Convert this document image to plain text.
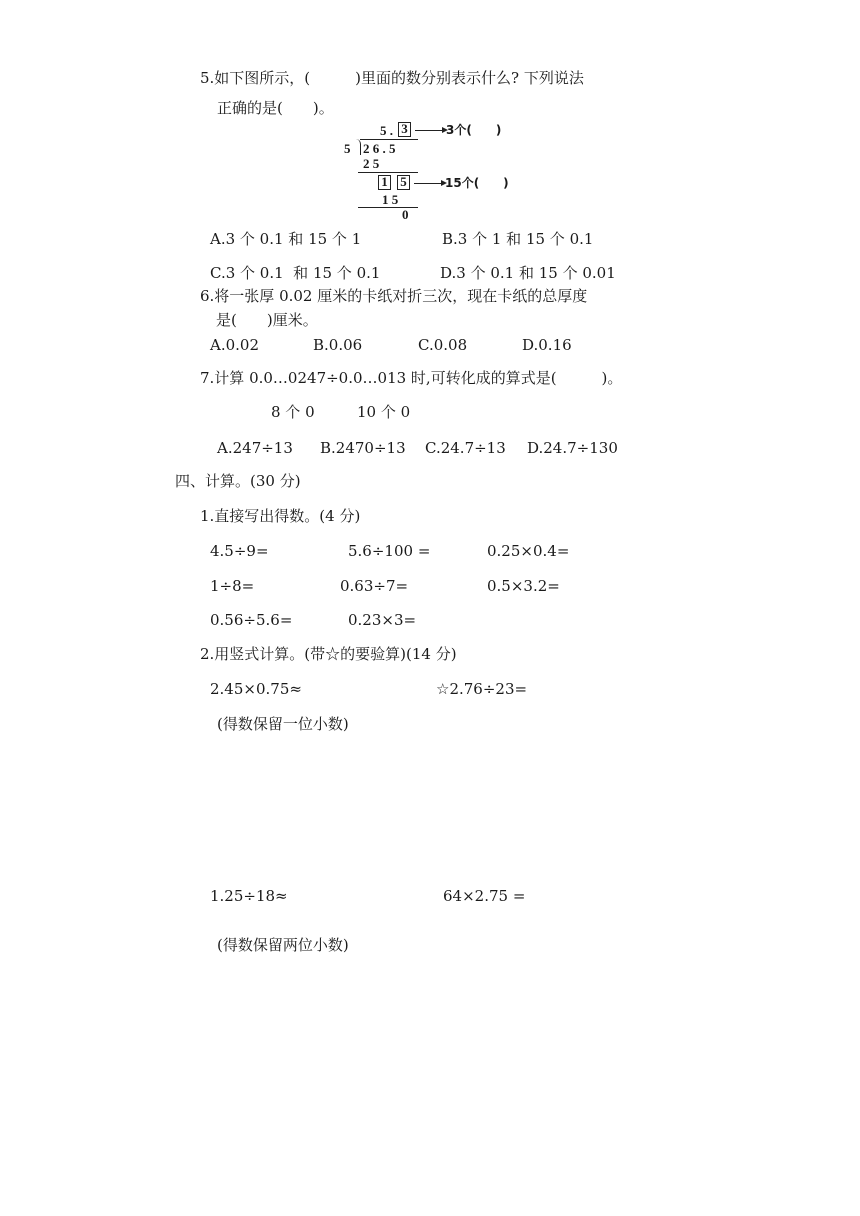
5.如下图所示，(　　　)里面的数分别表示什么? 下列说法
正确的是(　　)。
5 . 3	3个(　　)
5 2 6 . 5
2 5
1 5	15个(　　)
1 5
0
A.3 个 0.1 和 15 个 1	B.3 个 1 和 15 个 0.1
C.3 个 0.1  和 15 个 0.1	D.3 个 0.1 和 15 个 0.01
6.将一张厚 0.02 厘米的卡纸对折三次，现在卡纸的总厚度
是(　　)厘米。
A.0.02	B.0.06	C.0.08	D.0.16
7.计算 0.0…0247÷0.0…013 时,可转化成的算式是(　　　)。
8 个 0	10 个 0
A.247÷13 B.2470÷13 C.24.7÷13 D.24.7÷130
四、计算。(30 分)
1.直接写出得数。(4 分)
4.5÷9=	5.6÷100 =	0.25×0.4=
1÷8=	0.63÷7=	0.5×3.2=
0.56÷5.6=	0.23×3=
2.用竖式计算。(带☆的要验算)(14 分)
2.45×0.75≈	☆2.76÷23=
(得数保留一位小数)
1.25÷18≈	64×2.75 =
(得数保留两位小数)
